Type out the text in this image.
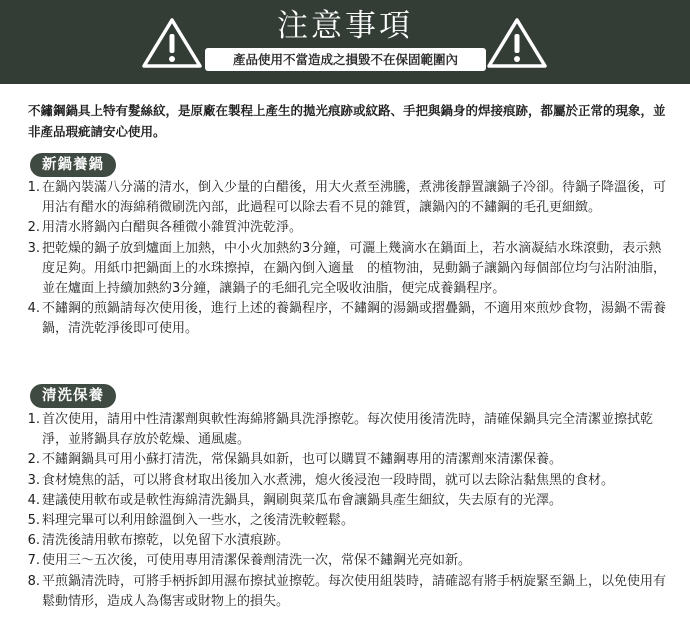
注意事項
產品使用不當造成之損毀不在保固範圍內
不鏽鋼鍋具上特有髮絲紋，是原廠在製程上產生的拋光痕跡或紋路、手把與鍋身的焊接痕跡，都屬於正常的現象，並非產品瑕疵請安心使用。
新鍋養鍋
1. 在鍋內裝滿八分滿的清水，倒入少量的白醋後，用大火煮至沸騰，煮沸後靜置讓鍋子冷卻。待鍋子降溫後，可用沾有醋水的海綿稍微刷洗內部，此過程可以除去看不見的雜質，讓鍋內的不鏽鋼的毛孔更細緻。
2. 用清水將鍋內白醋與各種微小雜質沖洗乾淨。
3. 把乾燥的鍋子放到爐面上加熱，中小火加熱約3分鐘，可灑上幾滴水在鍋面上，若水滴凝結水珠滾動，表示熱度足夠。用紙巾把鍋面上的水珠擦掉，在鍋內倒入適量　的植物油，晃動鍋子讓鍋內每個部位均勻沾附油脂，並在爐面上持續加熱約3分鐘，讓鍋子的毛細孔完全吸收油脂，便完成養鍋程序。
4. 不鏽鋼的煎鍋請每次使用後，進行上述的養鍋程序，不鏽鋼的湯鍋或摺疊鍋，不適用來煎炒食物，湯鍋不需養鍋，清洗乾淨後即可使用。
清洗保養
1. 首次使用，請用中性清潔劑與軟性海綿將鍋具洗淨擦乾。每次使用後清洗時，請確保鍋具完全清潔並擦拭乾淨，並將鍋具存放於乾燥、通風處。
2. 不鏽鋼鍋具可用小蘇打清洗，常保鍋具如新，也可以購買不鏽鋼專用的清潔劑來清潔保養。
3. 食材燒焦的話，可以將食材取出後加入水煮沸，熄火後浸泡一段時間，就可以去除沾黏焦黑的食材。
4. 建議使用軟布或是軟性海綿清洗鍋具，鋼刷與菜瓜布會讓鍋具產生細紋，失去原有的光澤。
5. 料理完畢可以利用餘溫倒入一些水，之後清洗較輕鬆。
6. 清洗後請用軟布擦乾，以免留下水漬痕跡。
7. 使用三～五次後，可使用專用清潔保養劑清洗一次，常保不鏽鋼光亮如新。
8. 平煎鍋清洗時，可將手柄拆卸用濕布擦拭並擦乾。每次使用組裝時，請確認有將手柄旋緊至鍋上，以免使用有鬆動情形，造成人為傷害或財物上的損失。
